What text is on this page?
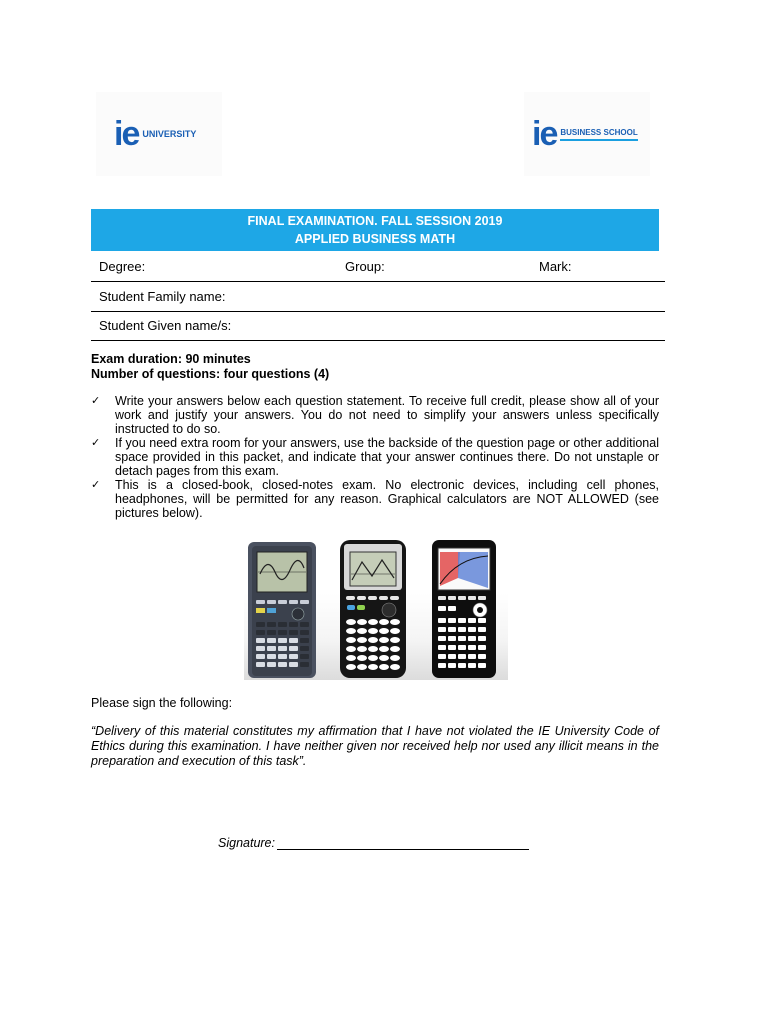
ie UNIVERSITY	ie BUSINESS SCHOOL
FINAL EXAMINATION. FALL SESSION 2019
APPLIED BUSINESS MATH
Degree:	Group:	Mark:
Student Family name:
Student Given name/s:
Exam duration: 90 minutes
Number of questions: four questions (4)
✓ Write your answers below each question statement. To receive full credit, please show all of your work and justify your answers. You do not need to simplify your answers unless specifically instructed to do so.
✓ If you need extra room for your answers, use the backside of the question page or other additional space provided in this packet, and indicate that your answer continues there. Do not unstaple or detach pages from this exam.
✓ This is a closed-book, closed-notes exam. No electronic devices, including cell phones, headphones, will be permitted for any reason. Graphical calculators are NOT ALLOWED (see pictures below).
Please sign the following:
“Delivery of this material constitutes my affirmation that I have not violated the IE University Code of Ethics during this examination. I have neither given nor received help nor used any illicit means in the preparation and execution of this task”.
Signature:
